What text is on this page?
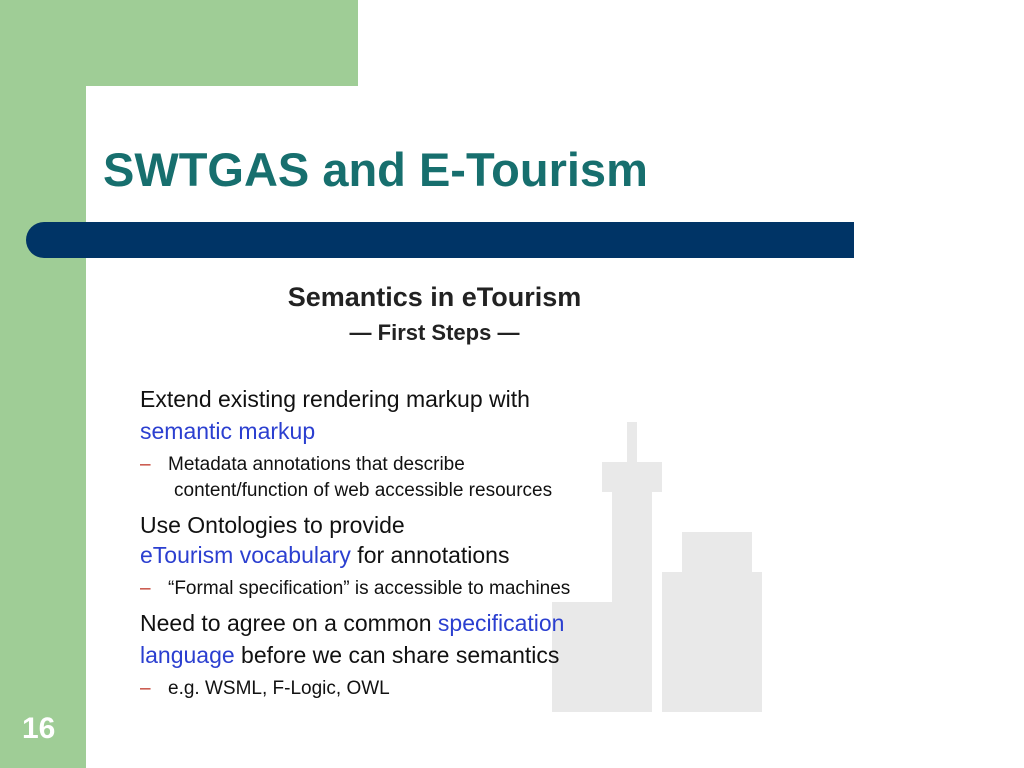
SWTGAS and E-Tourism
Semantics in eTourism
— First Steps —
Extend existing rendering markup with
semantic markup
– Metadata annotations that describe
content/function of web accessible resources
Use Ontologies to provide
eTourism vocabulary for annotations
– “Formal specification” is accessible to machines
Need to agree on a common specification
language before we can share semantics
– e.g. WSML, F-Logic, OWL
16
